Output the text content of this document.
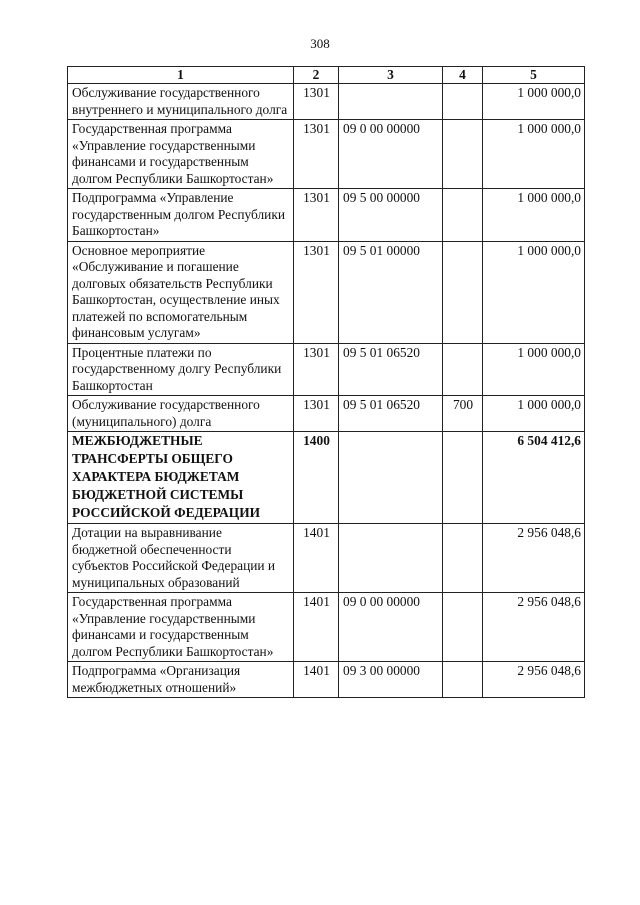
308
1	2	3	4	5
Обслуживание государственного внутреннего и муниципального долга	1301			1 000 000,0
Государственная программа «Управление государственными финансами и государственным долгом Республики Башкортостан»	1301	09 0 00 00000		1 000 000,0
Подпрограмма «Управление государственным долгом Республики Башкортостан»	1301	09 5 00 00000		1 000 000,0
Основное мероприятие «Обслуживание и погашение долговых обязательств Республики Башкортостан, осуществление иных платежей по вспомогательным финансовым услугам»	1301	09 5 01 00000		1 000 000,0
Процентные платежи по государственному долгу Республики Башкортостан	1301	09 5 01 06520		1 000 000,0
Обслуживание государственного (муниципального) долга	1301	09 5 01 06520	700	1 000 000,0
МЕЖБЮДЖЕТНЫЕ ТРАНСФЕРТЫ ОБЩЕГО ХАРАКТЕРА БЮДЖЕТАМ БЮДЖЕТНОЙ СИСТЕМЫ РОССИЙСКОЙ ФЕДЕРАЦИИ	1400			6 504 412,6
Дотации на выравнивание бюджетной обеспеченности субъектов Российской Федерации и муниципальных образований	1401			2 956 048,6
Государственная программа «Управление государственными финансами и государственным долгом Республики Башкортостан»	1401	09 0 00 00000		2 956 048,6
Подпрограмма «Организация межбюджетных отношений»	1401	09 3 00 00000		2 956 048,6
